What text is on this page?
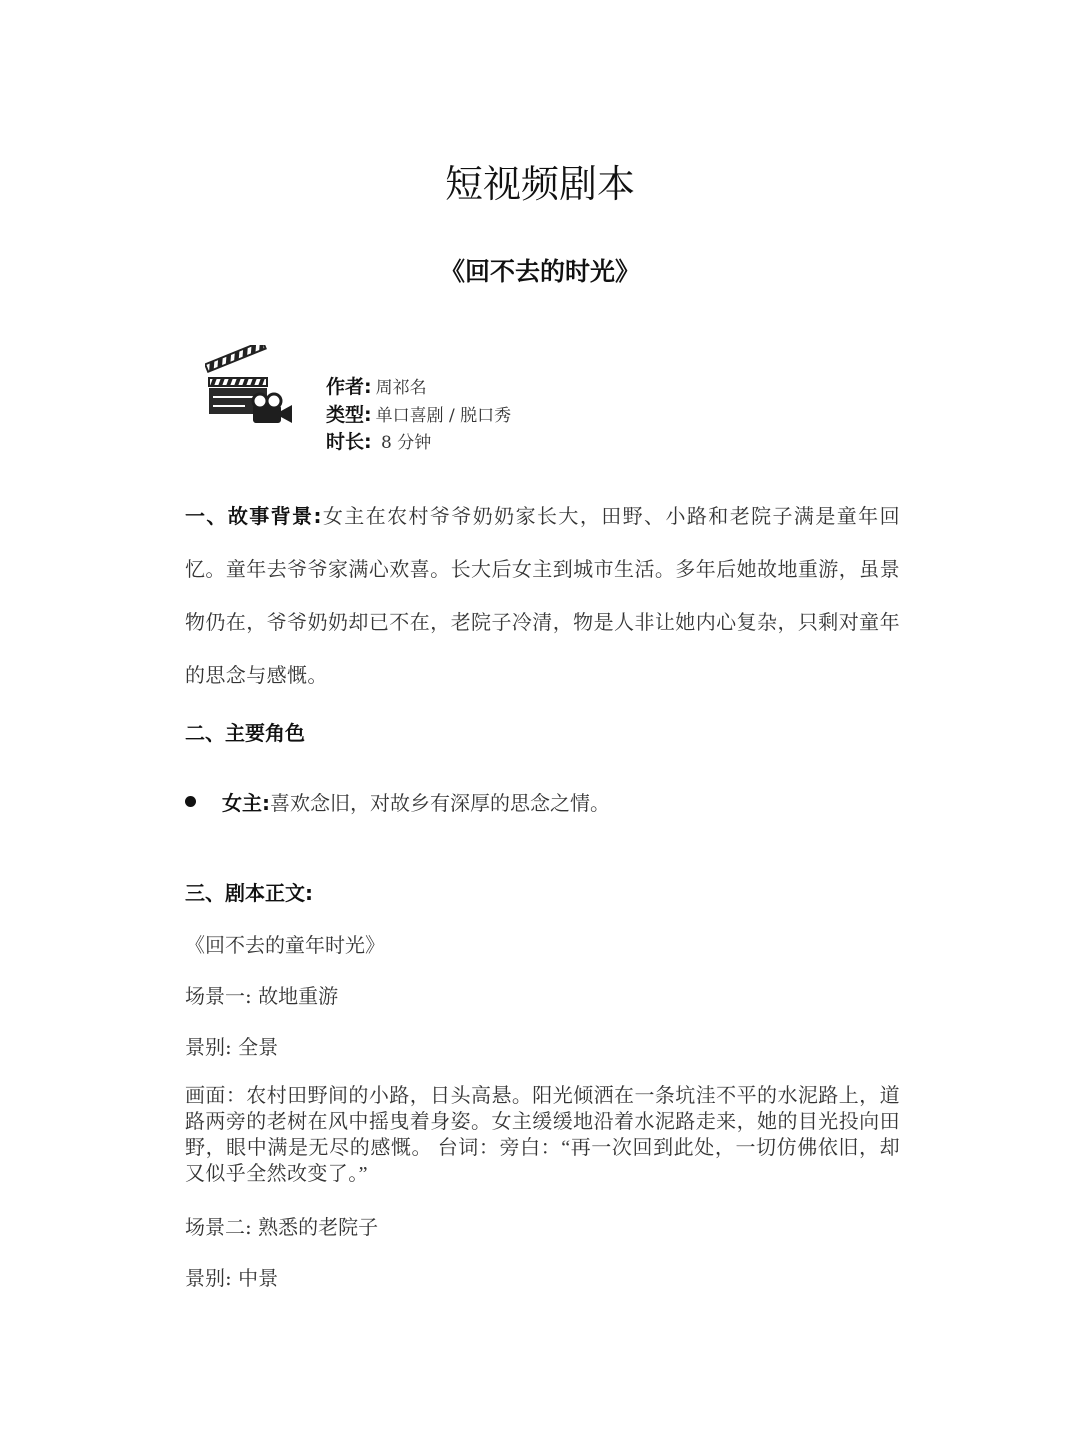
短视频剧本
《回不去的时光》
作者: 周祁名
类型: 单口喜剧 / 脱口秀
时长: 8 分钟
一、故事背景:女主在农村爷爷奶奶家长大，田野、小路和老院子满是童年回忆。童年去爷爷家满心欢喜。长大后女主到城市生活。多年后她故地重游，虽景物仍在，爷爷奶奶却已不在，老院子冷清，物是人非让她内心复杂，只剩对童年的思念与感慨。
二、主要角色
女主:喜欢念旧，对故乡有深厚的思念之情。
三、剧本正文:
《回不去的童年时光》
场景一: 故地重游
景别: 全景
画面：农村田野间的小路，日头高悬。阳光倾洒在一条坑洼不平的水泥路上，道路两旁的老树在风中摇曳着身姿。女主缓缓地沿着水泥路走来，她的目光投向田野，眼中满是无尽的感慨。 台词：旁白：“再一次回到此处，一切仿佛依旧，却又似乎全然改变了。”
场景二: 熟悉的老院子
景别: 中景
